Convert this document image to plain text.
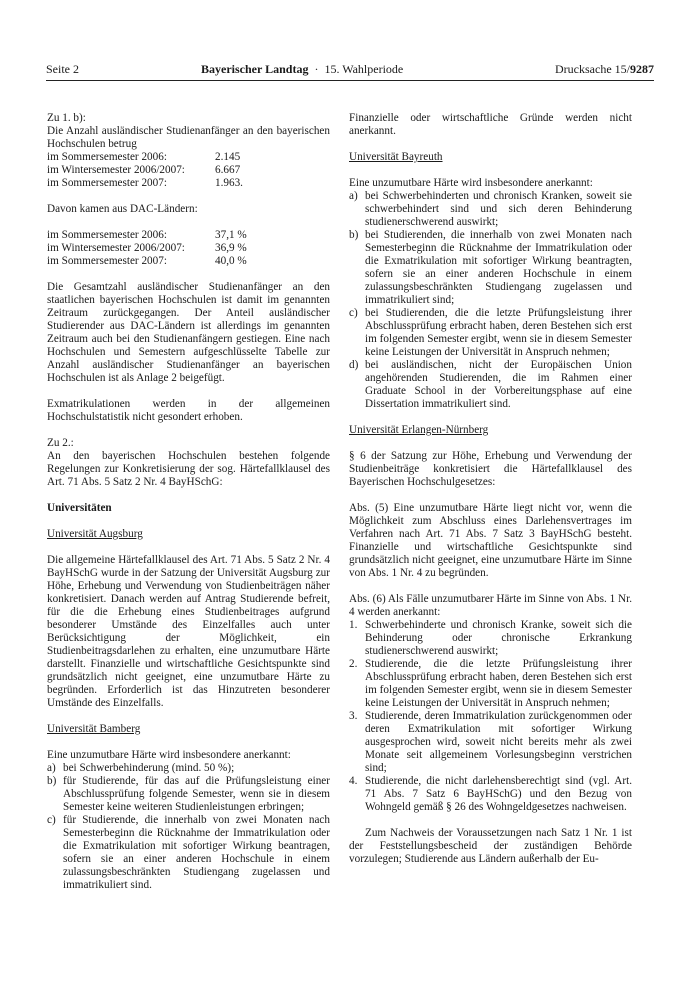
Seite 2	Bayerischer Landtag · 15. Wahlperiode	Drucksache 15/9287
Zu 1. b):

Die Anzahl ausländischer Studienanfänger an den bayerischen Hochschulen betrug

im Sommersemester 2006:	2.145
im Wintersemester 2006/2007:	6.667
im Sommersemester 2007:	1.963.

Davon kamen aus DAC-Ländern:

im Sommersemester 2006:	37,1 %
im Wintersemester 2006/2007:	36,9 %
im Sommersemester 2007:	40,0 %

Die Gesamtzahl ausländischer Studienanfänger an den staatlichen bayerischen Hochschulen ist damit im genannten Zeitraum zurückgegangen. Der Anteil ausländischer Studierender aus DAC-Ländern ist allerdings im genannten Zeitraum auch bei den Studienanfängern gestiegen. Eine nach Hochschulen und Semestern aufgeschlüsselte Tabelle zur Anzahl ausländischer Studienanfänger an bayerischen Hochschulen ist als Anlage 2 beigefügt.

Exmatrikulationen werden in der allgemeinen Hochschulstatistik nicht gesondert erhoben.

Zu 2.:

An den bayerischen Hochschulen bestehen folgende Regelungen zur Konkretisierung der sog. Härtefallklausel des Art. 71 Abs. 5 Satz 2 Nr. 4 BayHSchG:

Universitäten

Universität Augsburg

Die allgemeine Härtefallklausel des Art. 71 Abs. 5 Satz 2 Nr. 4 BayHSchG wurde in der Satzung der Universität Augsburg zur Höhe, Erhebung und Verwendung von Studienbeiträgen näher konkretisiert. Danach werden auf Antrag Studierende befreit, für die die Erhebung eines Studienbeitrages aufgrund besonderer Umstände des Einzelfalles auch unter Berücksichtigung der Möglichkeit, ein Studienbeitragsdarlehen zu erhalten, eine unzumutbare Härte darstellt. Finanzielle und wirtschaftliche Gesichtspunkte sind grundsätzlich nicht geeignet, eine unzumutbare Härte zu begründen. Erforderlich ist das Hinzutreten besonderer Umstände des Einzelfalls.

Universität Bamberg

Eine unzumutbare Härte wird insbesondere anerkannt:
a) bei Schwerbehinderung (mind. 50 %);
b) für Studierende, für das auf die Prüfungsleistung einer Abschlussprüfung folgende Semester, wenn sie in diesem Semester keine weiteren Studienleistungen erbringen;
c) für Studierende, die innerhalb von zwei Monaten nach Semesterbeginn die Rücknahme der Immatrikulation oder die Exmatrikulation mit sofortiger Wirkung beantragen, sofern sie an einer anderen Hochschule in einem zulassungsbeschränkten Studiengang zugelassen und immatrikuliert sind.

Finanzielle oder wirtschaftliche Gründe werden nicht anerkannt.

Universität Bayreuth

Eine unzumutbare Härte wird insbesondere anerkannt:
a) bei Schwerbehinderten und chronisch Kranken, soweit sie schwerbehindert sind und sich deren Behinderung studienerschwerend auswirkt;
b) bei Studierenden, die innerhalb von zwei Monaten nach Semesterbeginn die Rücknahme der Immatrikulation oder die Exmatrikulation mit sofortiger Wirkung beantragten, sofern sie an einer anderen Hochschule in einem zulassungsbeschränkten Studiengang zugelassen und immatrikuliert sind;
c) bei Studierenden, die die letzte Prüfungsleistung ihrer Abschlussprüfung erbracht haben, deren Bestehen sich erst im folgenden Semester ergibt, wenn sie in diesem Semester keine Leistungen der Universität in Anspruch nehmen;
d) bei ausländischen, nicht der Europäischen Union angehörenden Studierenden, die im Rahmen einer Graduate School in der Vorbereitungsphase auf eine Dissertation immatrikuliert sind.

Universität Erlangen-Nürnberg

§ 6 der Satzung zur Höhe, Erhebung und Verwendung der Studienbeiträge konkretisiert die Härtefallklausel des Bayerischen Hochschulgesetzes:

Abs. (5) Eine unzumutbare Härte liegt nicht vor, wenn die Möglichkeit zum Abschluss eines Darlehensvertrages im Verfahren nach Art. 71 Abs. 7 Satz 3 BayHSchG besteht. Finanzielle und wirtschaftliche Gesichtspunkte sind grundsätzlich nicht geeignet, eine unzumutbare Härte im Sinne von Abs. 1 Nr. 4 zu begründen.

Abs. (6) Als Fälle unzumutbarer Härte im Sinne von Abs. 1 Nr. 4 werden anerkannt:
1. Schwerbehinderte und chronisch Kranke, soweit sich die Behinderung oder chronische Erkrankung studienerschwerend auswirkt;
2. Studierende, die die letzte Prüfungsleistung ihrer Abschlussprüfung erbracht haben, deren Bestehen sich erst im folgenden Semester ergibt, wenn sie in diesem Semester keine Leistungen der Universität in Anspruch nehmen;
3. Studierende, deren Immatrikulation zurückgenommen oder deren Exmatrikulation mit sofortiger Wirkung ausgesprochen wird, soweit nicht bereits mehr als zwei Monate seit allgemeinem Vorlesungsbeginn verstrichen sind;
4. Studierende, die nicht darlehensberechtigt sind (vgl. Art. 71 Abs. 7 Satz 6 BayHSchG) und den Bezug von Wohngeld gemäß § 26 des Wohngeldgesetzes nachweisen.

Zum Nachweis der Voraussetzungen nach Satz 1 Nr. 1 ist der Feststellungsbescheid der zuständigen Behörde vorzulegen; Studierende aus Ländern außerhalb der Eu-
